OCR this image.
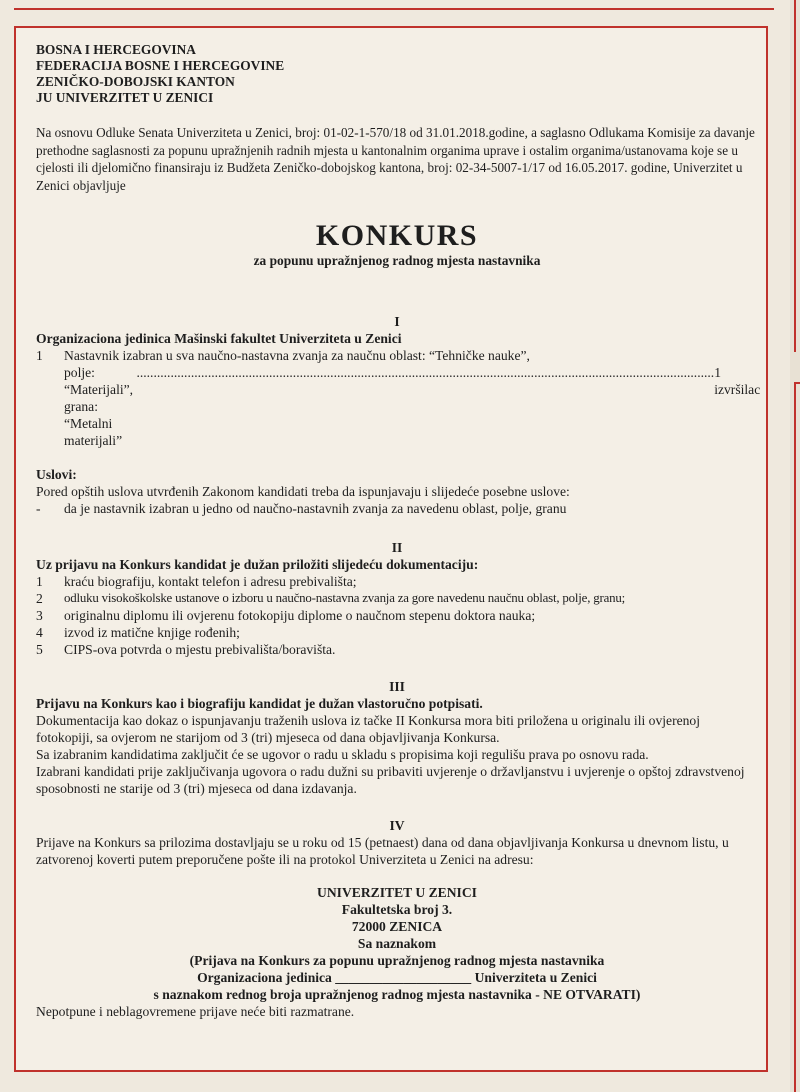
BOSNA I HERCEGOVINA

FEDERACIJA BOSNE I HERCEGOVINE

ZENIČKO-DOBOJSKI KANTON

JU UNIVERZITET U ZENICI

Na osnovu Odluke Senata Univerziteta u Zenici, broj: 01-02-1-570/18 od 31.01.2018.godine, a saglasno Odlukama Komisije za davanje prethodne saglasnosti za popunu upražnjenih radnih mjesta u kantonalnim organima uprave i ostalim organima/ustanovama koje se u cjelosti ili djelomično finansiraju iz Budžeta Zeničko-dobojskog kantona, broj: 02-34-5007-1/17 od 16.05.2017. godine, Univerzitet u Zenici objavljuje

KONKURS
za popunu upražnjenog radnog mjesta nastavnika
I

Organizaciona jedinica Mašinski fakultet Univerziteta u Zenici

1	Nastavnik izabran u sva naučno-nastavna zvanja za naučnu oblast: “Tehničke nauke”,

polje: “Materijali”, grana: “Metalni materijali”
.......................................................................................................................................................................... 1 izvršilac

Uslovi:

Pored opštih uslova utvrđenih Zakonom kandidati treba da ispunjavaju i slijedeće posebne uslove:

-	da je nastavnik izabran u jedno od naučno-nastavnih zvanja za navedenu oblast, polje, granu
II

Uz prijavu na Konkurs kandidat je dužan priložiti slijedeću dokumentaciju:

1	kraću biografiju, kontakt telefon i adresu prebivališta;
2	odluku visokoškolske ustanove o izboru u naučno-nastavna zvanja za gore navedenu naučnu oblast, polje, granu;
3	originalnu diplomu ili ovjerenu fotokopiju diplome o naučnom stepenu doktora nauka;
4	izvod iz matične knjige rođenih;
5	CIPS-ova potvrda o mjestu prebivališta/boravišta.
III

Prijavu na Konkurs kao i biografiju kandidat je dužan vlastoručno potpisati.

Dokumentacija kao dokaz o ispunjavanju traženih uslova iz tačke II Konkursa mora biti priložena u originalu ili ovjerenoj fotokopiji, sa ovjerom ne starijom od 3 (tri) mjeseca od dana objavljivanja Konkursa.

Sa izabranim kandidatima zaključit će se ugovor o radu u skladu s propisima koji regulišu prava po osnovu rada.

Izabrani kandidati prije zaključivanja ugovora o radu dužni su pribaviti uvjerenje o državljanstvu i uvjerenje o opštoj zdravstvenoj sposobnosti ne starije od 3 (tri) mjeseca od dana izdavanja.

IV

Prijave na Konkurs sa prilozima dostavljaju se u roku od 15 (petnaest) dana od dana objavljivanja Konkursa u dnevnom listu, u zatvorenoj koverti putem preporučene pošte ili na protokol Univerziteta u Zenici na adresu:

UNIVERZITET U ZENICI

Fakultetska broj 3.

72000 ZENICA

Sa naznakom

(Prijava na Konkurs za popunu upražnjenog radnog mjesta nastavnika

Organizaciona jedinica ____________________ Univerziteta u Zenici

s naznakom rednog broja upražnjenog radnog mjesta nastavnika - NE OTVARATI)

Nepotpune i neblagovremene prijave neće biti razmatrane.
